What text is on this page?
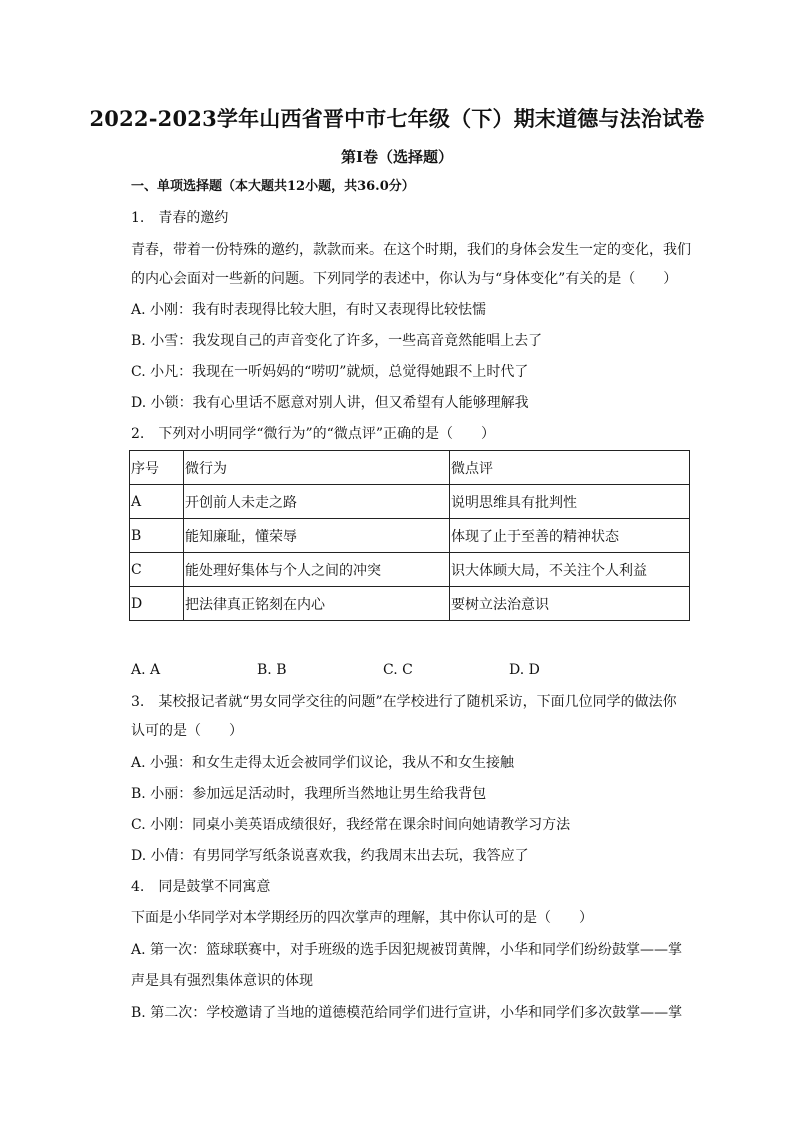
2022-2023学年山西省晋中市七年级（下）期末道德与法治试卷
第Ⅰ卷（选择题）
一、单项选择题（本大题共12小题，共36.0分）
1.　青春的邀约
青春，带着一份特殊的邀约，款款而来。在这个时期，我们的身体会发生一定的变化，我们
的内心会面对一些新的问题。下列同学的表述中，你认为与“身体变化”有关的是（　　）
A. 小刚：我有时表现得比较大胆，有时又表现得比较怯懦
B. 小雪：我发现自己的声音变化了许多，一些高音竟然能唱上去了
C. 小凡：我现在一听妈妈的“唠叨”就烦，总觉得她跟不上时代了
D. 小锁：我有心里话不愿意对别人讲，但又希望有人能够理解我
2.　下列对小明同学“微行为”的“微点评”正确的是（　　）
序号	微行为	微点评
A	开创前人未走之路	说明思维具有批判性
B	能知廉耻，懂荣辱	体现了止于至善的精神状态
C	能处理好集体与个人之间的冲突	识大体顾大局，不关注个人利益
D	把法律真正铭刻在内心	要树立法治意识
A. A	B. B	C. C	D. D
3.　某校报记者就“男女同学交往的问题”在学校进行了随机采访，下面几位同学的做法你
认可的是（　　）
A. 小强：和女生走得太近会被同学们议论，我从不和女生接触
B. 小丽：参加远足活动时，我理所当然地让男生给我背包
C. 小刚：同桌小美英语成绩很好，我经常在课余时间向她请教学习方法
D. 小倩：有男同学写纸条说喜欢我，约我周末出去玩，我答应了
4.　同是鼓掌不同寓意
下面是小华同学对本学期经历的四次掌声的理解，其中你认可的是（　　）
A. 第一次：篮球联赛中，对手班级的选手因犯规被罚黄牌，小华和同学们纷纷鼓掌——掌
声是具有强烈集体意识的体现
B. 第二次：学校邀请了当地的道德模范给同学们进行宣讲，小华和同学们多次鼓掌——掌
